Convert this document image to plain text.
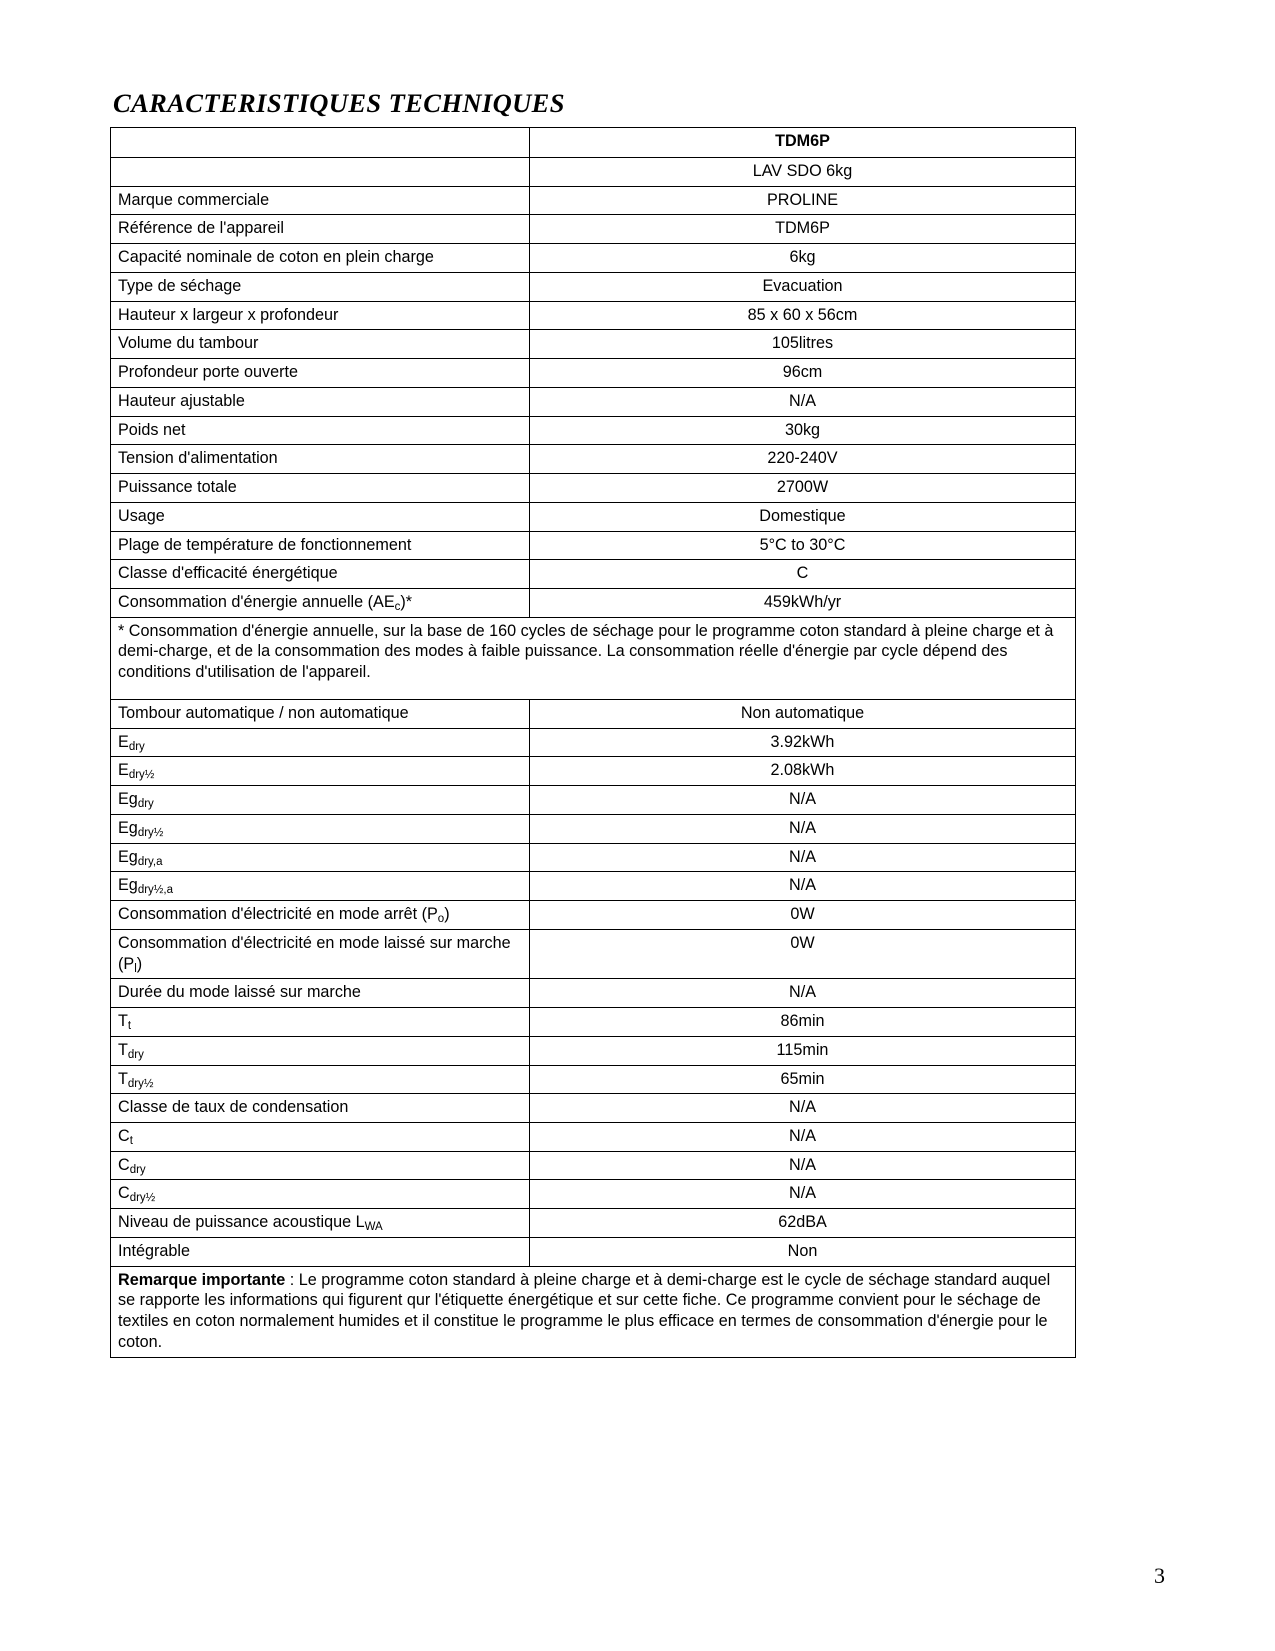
CARACTERISTIQUES TECHNIQUES
	TDM6P
	LAV SDO 6kg
Marque commerciale	PROLINE
Référence de l'appareil	TDM6P
Capacité nominale de coton en plein charge	6kg
Type de séchage	Evacuation
Hauteur x largeur x profondeur	85 x 60 x 56cm
Volume du tambour	105litres
Profondeur porte ouverte	96cm
Hauteur ajustable	N/A
Poids net	30kg
Tension d'alimentation	220-240V
Puissance totale	2700W
Usage	Domestique
Plage de température de fonctionnement	5°C to 30°C
Classe d'efficacité énergétique	C
Consommation d'énergie annuelle (AEc)*	459kWh/yr
* Consommation d'énergie annuelle, sur la base de 160 cycles de séchage pour le programme coton standard à pleine charge et à demi-charge, et de la consommation des modes à faible puissance. La consommation réelle d'énergie par cycle dépend des conditions d'utilisation de l'appareil.	
Tombour automatique / non automatique	Non automatique
Edry	3.92kWh
Edry½	2.08kWh
Egdry	N/A
Egdry½	N/A
Egdry,a	N/A
Egdry½,a	N/A
Consommation d'électricité en mode arrêt (Po)	0W
Consommation d'électricité en mode laissé sur marche (Pl)	0W
Durée du mode laissé sur marche	N/A
Tt	86min
Tdry	115min
Tdry½	65min
Classe de taux de condensation	N/A
Ct	N/A
Cdry	N/A
Cdry½	N/A
Niveau de puissance acoustique LWA	62dBA
Intégrable	Non
Remarque importante : Le programme coton standard à pleine charge et à demi-charge est le cycle de séchage standard auquel se rapporte les informations qui figurent qur l'étiquette énergétique et sur cette fiche. Ce programme convient pour le séchage de textiles en coton normalement humides et il constitue le programme le plus efficace en termes de consommation d'énergie pour le coton.	
3
